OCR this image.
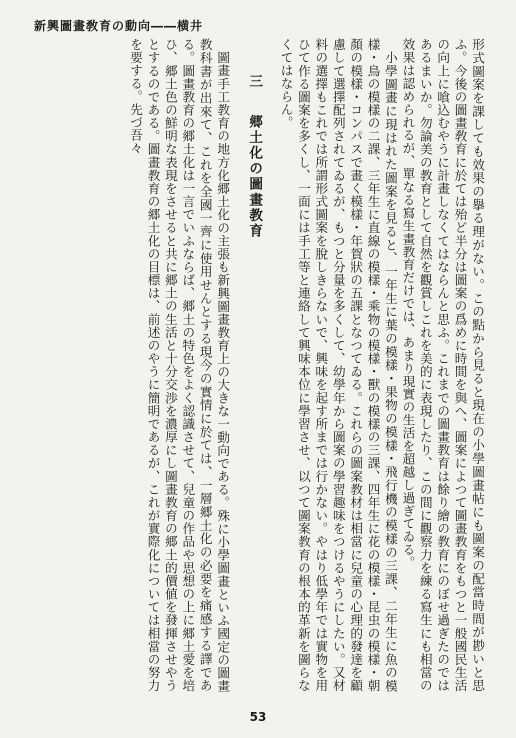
新興圖畫敎育の動向――横井

形式圖案を課しても效果の擧る理がない。この點から見ると現在の小學圖畫帖にも圖案の配當時間が尠いと思ふ。今後の圖畫敎育に於ては殆ど半分は圖案の爲めに時間を與へ、圖案によつて圖畫教育をもつと一般國民生活の向上に喰込むやうに計畫しなくてはならんと思ふ。これまでの圖畫教育は餘り繪の教育にのぼせ過ぎたのではあるまいか。勿論美の教育として自然を觀賞しこれを美的に表現したり、この間に觀察力を練る寫生にも相當の效果は認められるが、單なる寫生畫教育だけでは、あまり現實の生活を超越し過ぎてゐる。

小學圖畫に現はれた圖案を見ると、一年生に葉の模樣・果物の模樣・飛行機の模樣の三課、二年生に魚の模樣・鳥の模樣の二課、三年生に直線の模樣・乘物の模樣・獸の模樣の三課、四年生に花の模樣・昆虫の模樣・朝顏の模樣・コンパスで畫く模樣・年賀狀の五課となつてゐる。これらの圖案教材は相當に兒童の心理的發達を顧慮して選擇配列されてゐるが、もつと分量を多くして、幼學年から圖案の學習趣味をつけるやうにしたい。又材料の選擇もこれでは所謂形式圖案を脫しきらないで、興味を起す所までは行かない。やはり低學年では實物を用ひて作る圖案を多くし、一面には手工等と連絡して興味本位に學習させ、以つて圖案教育の根本的革新を圖らなくてはならん。

三 郷土化の圖畫教育

圖畫手工教育の地方化郷土化の主張も新興圖畫教育上の大きな一動向である。殊に小學圖畫といふ國定の圖畫教科書が出來て、これを全國一齊に使用せんとする現今の實情に於ては、一層郷土化の必要を痛感する譯である。圖畫教育の郷土化は一言でいふならば、郷土の特色をよく認識させて、兒童の作品や思想の上に郷土愛を培ひ、郷土色の鮮明な表現をさせると共に郷土の生活と十分交渉を濃厚にし圖畫教育の郷土的價値を發揮させやうとするのである。圖畫教育の郷土化の目標は、前述のやうに簡明であるが、これが實際化については相當の努力を要する。先づ吾々

53
